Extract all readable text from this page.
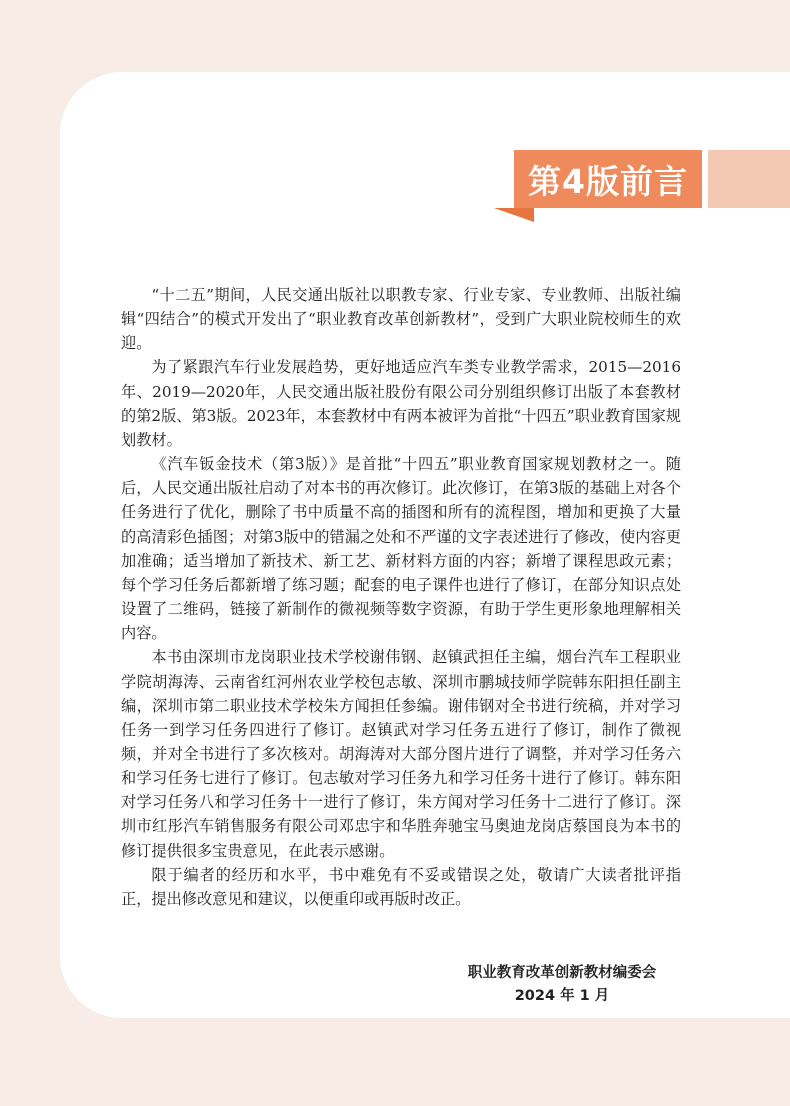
第4版前言

“十二五”期间，人民交通出版社以职教专家、行业专家、专业教师、出版社编辑“四结合”的模式开发出了“职业教育改革创新教材”，受到广大职业院校师生的欢迎。

为了紧跟汽车行业发展趋势，更好地适应汽车类专业教学需求，2015—2016年、2019—2020年，人民交通出版社股份有限公司分别组织修订出版了本套教材的第2版、第3版。2023年，本套教材中有两本被评为首批“十四五”职业教育国家规划教材。

《汽车钣金技术（第3版）》是首批“十四五”职业教育国家规划教材之一。随后，人民交通出版社启动了对本书的再次修订。此次修订，在第3版的基础上对各个任务进行了优化，删除了书中质量不高的插图和所有的流程图，增加和更换了大量的高清彩色插图；对第3版中的错漏之处和不严谨的文字表述进行了修改，使内容更加准确；适当增加了新技术、新工艺、新材料方面的内容；新增了课程思政元素；每个学习任务后都新增了练习题；配套的电子课件也进行了修订，在部分知识点处设置了二维码，链接了新制作的微视频等数字资源，有助于学生更形象地理解相关内容。

本书由深圳市龙岗职业技术学校谢伟钢、赵镇武担任主编，烟台汽车工程职业学院胡海涛、云南省红河州农业学校包志敏、深圳市鹏城技师学院韩东阳担任副主编，深圳市第二职业技术学校朱方闻担任参编。谢伟钢对全书进行统稿，并对学习任务一到学习任务四进行了修订。赵镇武对学习任务五进行了修订，制作了微视频，并对全书进行了多次核对。胡海涛对大部分图片进行了调整，并对学习任务六和学习任务七进行了修订。包志敏对学习任务九和学习任务十进行了修订。韩东阳对学习任务八和学习任务十一进行了修订，朱方闻对学习任务十二进行了修订。深圳市红彤汽车销售服务有限公司邓忠宇和华胜奔驰宝马奥迪龙岗店蔡国良为本书的修订提供很多宝贵意见，在此表示感谢。

限于编者的经历和水平，书中难免有不妥或错误之处，敬请广大读者批评指正，提出修改意见和建议，以便重印或再版时改正。

职业教育改革创新教材编委会
2024 年 1 月
